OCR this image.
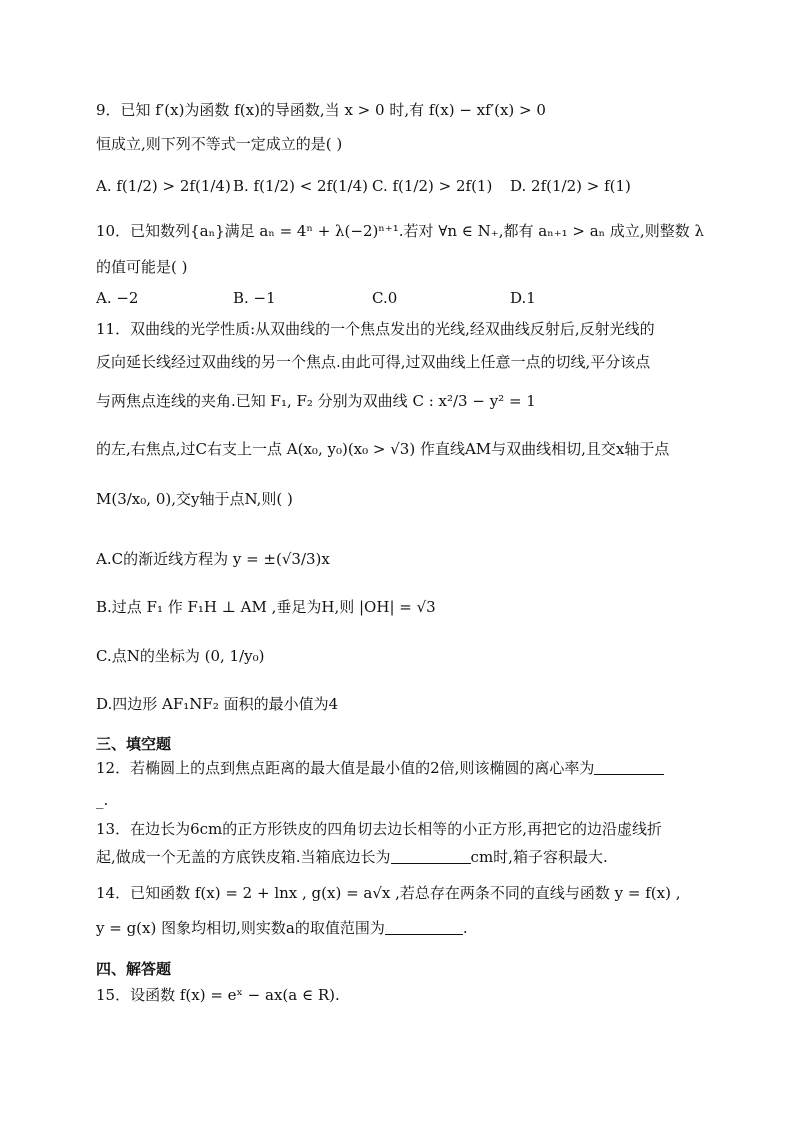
9．已知 f′(x)为函数 f(x)的导函数,当 x > 0 时,有 f(x) − xf′(x) > 0
恒成立,则下列不等式一定成立的是( )
A. f(1/2) > 2f(1/4) B. f(1/2) < 2f(1/4) C. f(1/2) > 2f(1) D. 2f(1/2) > f(1)
10．已知数列{aₙ}满足 aₙ = 4ⁿ + λ(−2)ⁿ⁺¹.若对 ∀n ∈ N₊,都有 aₙ₊₁ > aₙ 成立,则整数 λ
的值可能是( )
A. −2	B. −1	C.0	D.1
11．双曲线的光学性质:从双曲线的一个焦点发出的光线,经双曲线反射后,反射光线的
反向延长线经过双曲线的另一个焦点.由此可得,过双曲线上任意一点的切线,平分该点
与两焦点连线的夹角.已知 F₁, F₂ 分别为双曲线 C : x²/3 − y² = 1
的左,右焦点,过C右支上一点 A(x₀, y₀)(x₀ > √3) 作直线AM与双曲线相切,且交x轴于点
M(3/x₀, 0),交y轴于点N,则( )
A.C的渐近线方程为 y = ±(√3/3)x
B.过点 F₁ 作 F₁H ⊥ AM ,垂足为H,则 |OH| = √3
C.点N的坐标为 (0, 1/y₀)
D.四边形 AF₁NF₂ 面积的最小值为4
三、填空题
12．若椭圆上的点到焦点距离的最大值是最小值的2倍,则该椭圆的离心率为
_.
13．在边长为6cm的正方形铁皮的四角切去边长相等的小正方形,再把它的边沿虚线折
起,做成一个无盖的方底铁皮箱.当箱底边长为	cm时,箱子容积最大.
14．已知函数 f(x) = 2 + lnx , g(x) = a√x ,若总存在两条不同的直线与函数 y = f(x) ,
y = g(x) 图象均相切,则实数a的取值范围为	.
四、解答题
15．设函数 f(x) = eˣ − ax(a ∈ R).
